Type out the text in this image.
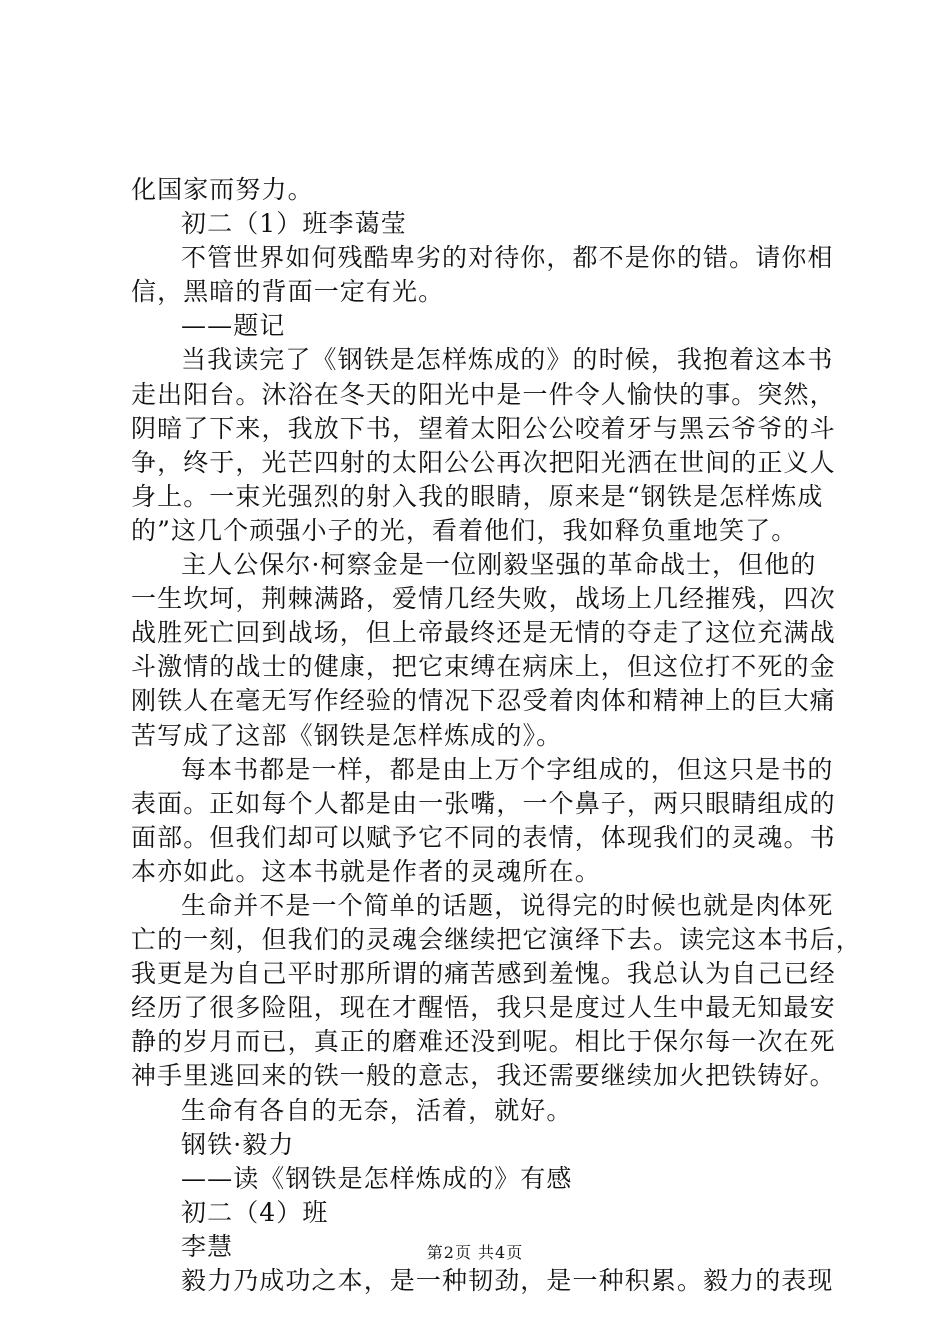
化国家而努力。
初二（1）班李蔼莹
不管世界如何残酷卑劣的对待你，都不是你的错。请你相
信，黑暗的背面一定有光。
——题记
当我读完了《钢铁是怎样炼成的》的时候，我抱着这本书
走出阳台。沐浴在冬天的阳光中是一件令人愉快的事。突然，
阴暗了下来，我放下书，望着太阳公公咬着牙与黑云爷爷的斗
争，终于，光芒四射的太阳公公再次把阳光洒在世间的正义人
身上。一束光强烈的射入我的眼睛，原来是“钢铁是怎样炼成
的”这几个顽强小子的光，看着他们，我如释负重地笑了。
主人公保尔·柯察金是一位刚毅坚强的革命战士，但他的
一生坎坷，荆棘满路，爱情几经失败，战场上几经摧残，四次
战胜死亡回到战场，但上帝最终还是无情的夺走了这位充满战
斗激情的战士的健康，把它束缚在病床上，但这位打不死的金
刚铁人在毫无写作经验的情况下忍受着肉体和精神上的巨大痛
苦写成了这部《钢铁是怎样炼成的》。
每本书都是一样，都是由上万个字组成的，但这只是书的
表面。正如每个人都是由一张嘴，一个鼻子，两只眼睛组成的
面部。但我们却可以赋予它不同的表情，体现我们的灵魂。书
本亦如此。这本书就是作者的灵魂所在。
生命并不是一个简单的话题，说得完的时候也就是肉体死
亡的一刻，但我们的灵魂会继续把它演绎下去。读完这本书后，
我更是为自己平时那所谓的痛苦感到羞愧。我总认为自己已经
经历了很多险阻，现在才醒悟，我只是度过人生中最无知最安
静的岁月而已，真正的磨难还没到呢。相比于保尔每一次在死
神手里逃回来的铁一般的意志，我还需要继续加火把铁铸好。
生命有各自的无奈，活着，就好。
钢铁·毅力
——读《钢铁是怎样炼成的》有感
初二（4）班
李慧
毅力乃成功之本，是一种韧劲，是一种积累。毅力的表现
第2页 共4页
